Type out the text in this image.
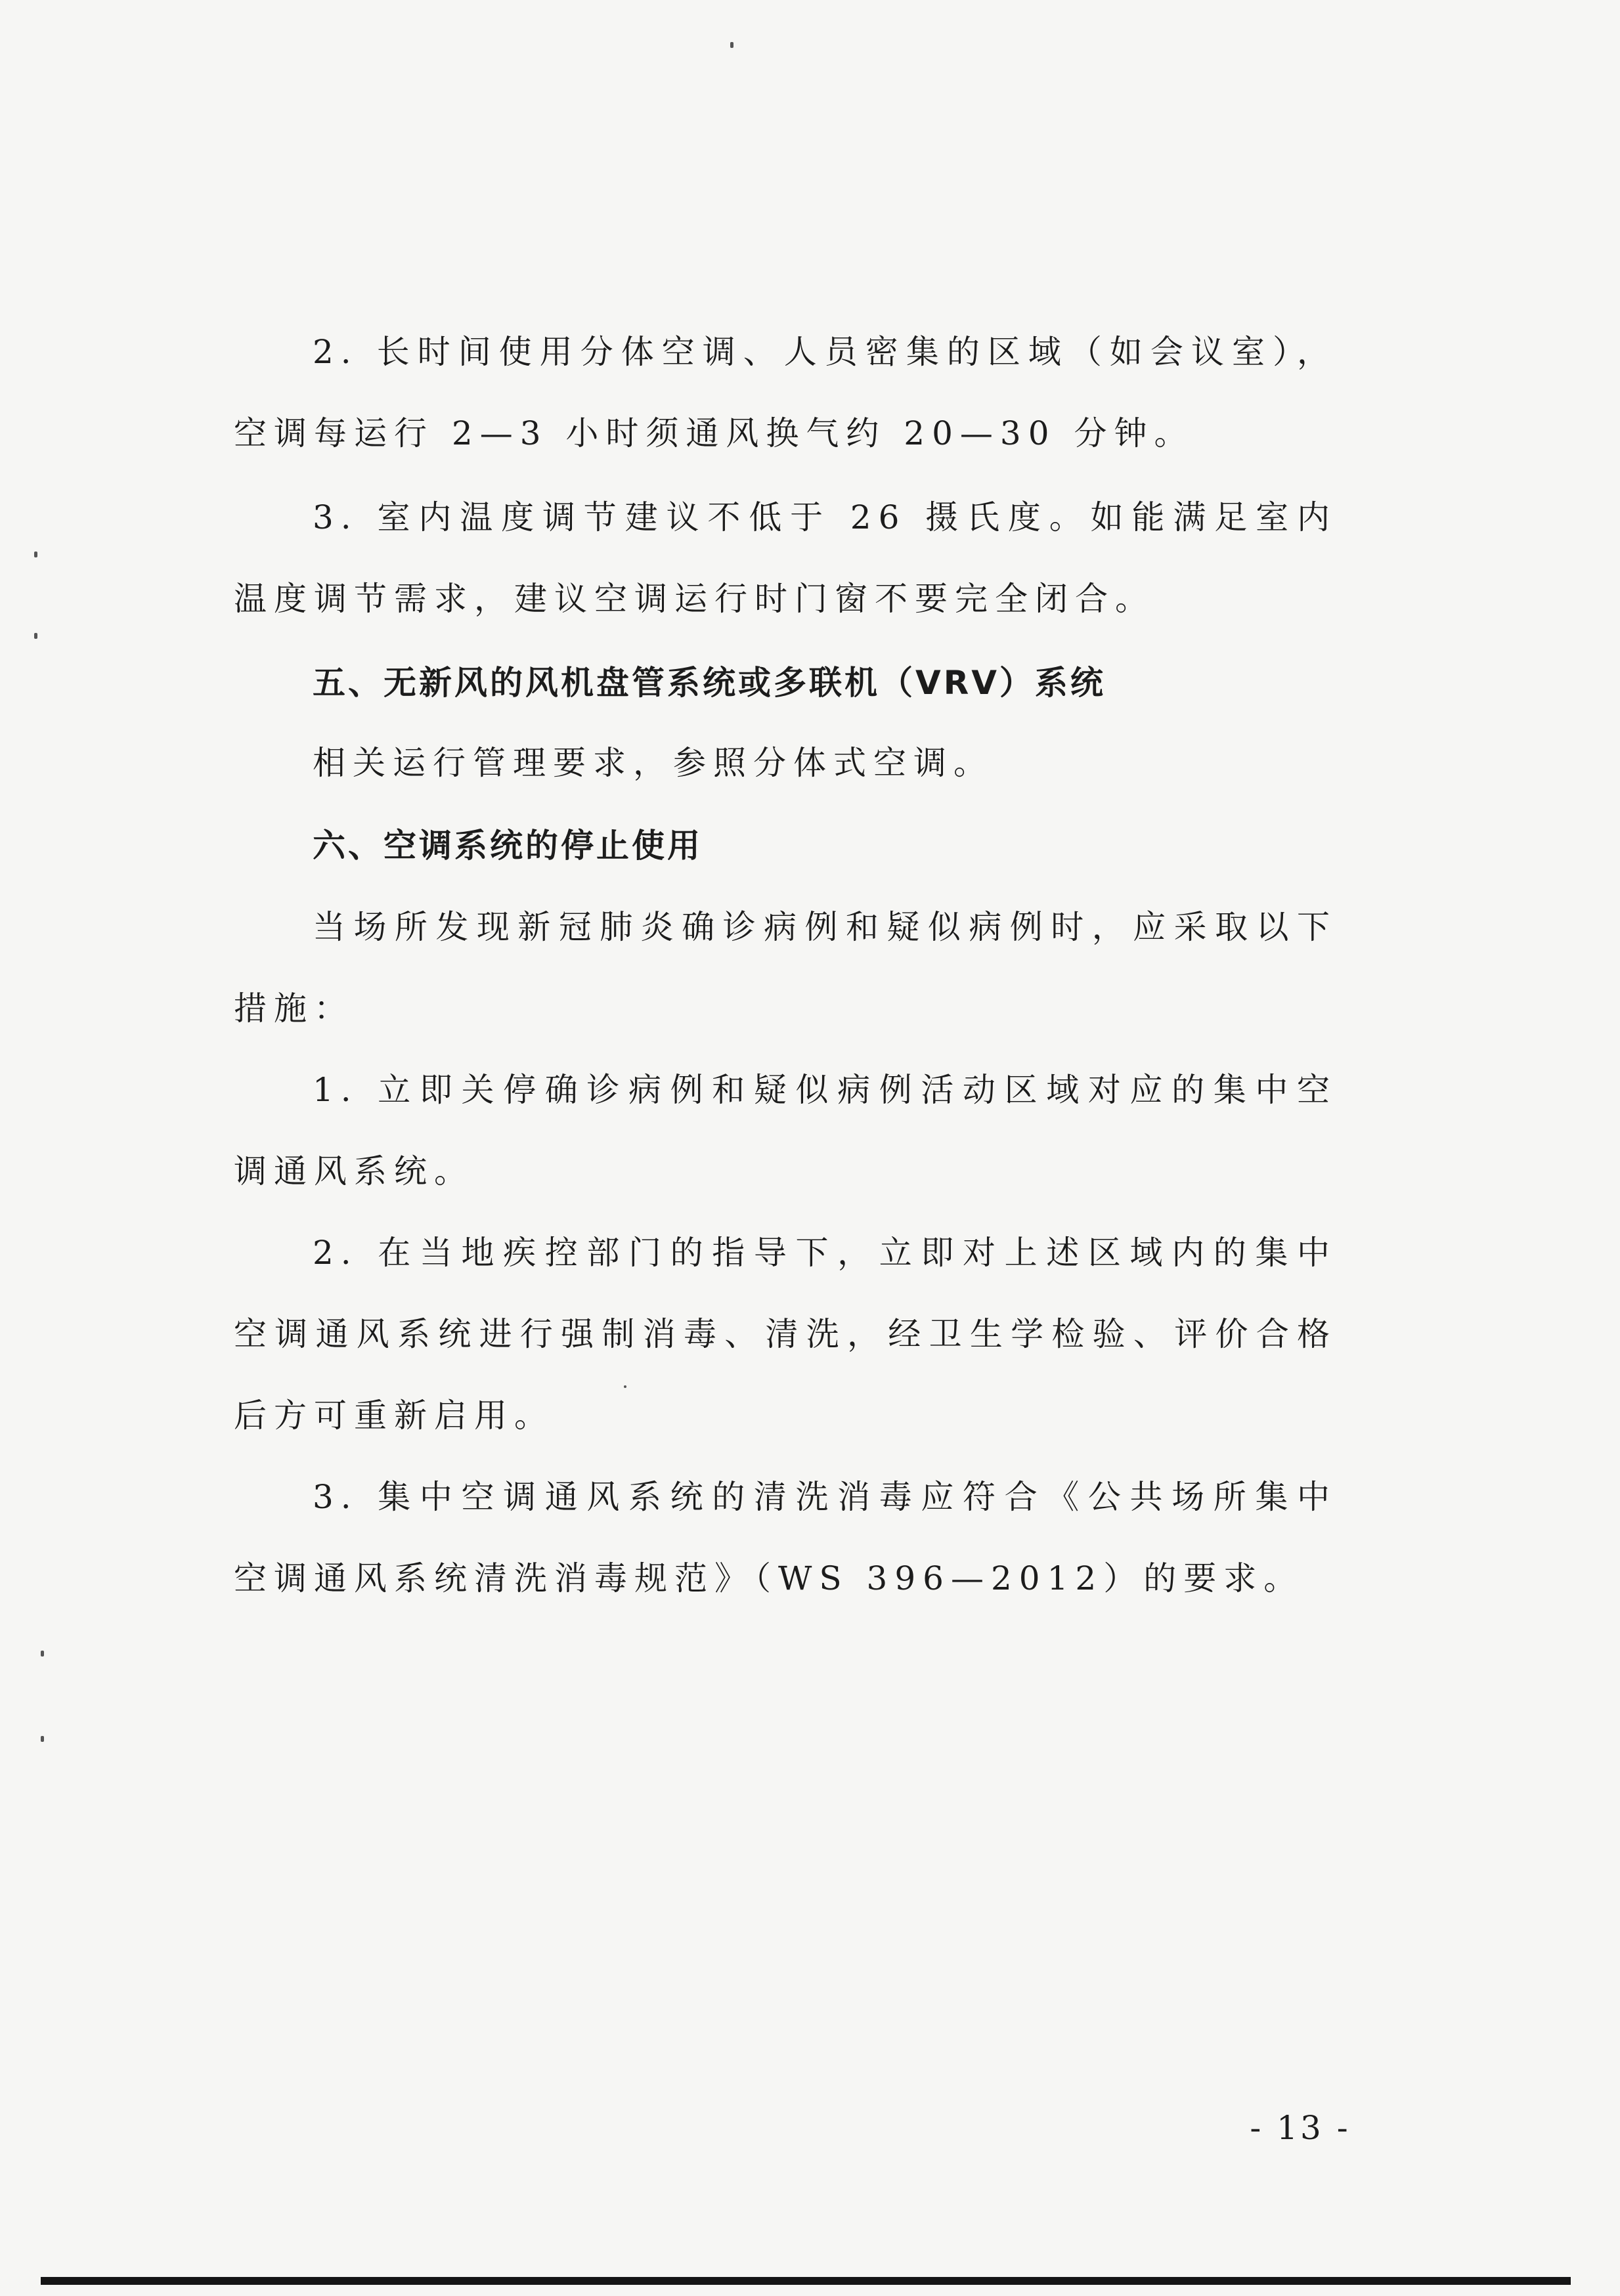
2. 长时间使用分体空调、人员密集的区域（如会议室），空调每运行 2—3 小时须通风换气约 20—30 分钟。

3. 室内温度调节建议不低于 26 摄氏度。如能满足室内温度调节需求，建议空调运行时门窗不要完全闭合。

五、无新风的风机盘管系统或多联机（VRV）系统

相关运行管理要求，参照分体式空调。

六、空调系统的停止使用

当场所发现新冠肺炎确诊病例和疑似病例时，应采取以下措施：

1. 立即关停确诊病例和疑似病例活动区域对应的集中空调通风系统。

2. 在当地疾控部门的指导下，立即对上述区域内的集中空调通风系统进行强制消毒、清洗，经卫生学检验、评价合格后方可重新启用。

3. 集中空调通风系统的清洗消毒应符合《公共场所集中空调通风系统清洗消毒规范》（WS 396—2012）的要求。

- 13 -
